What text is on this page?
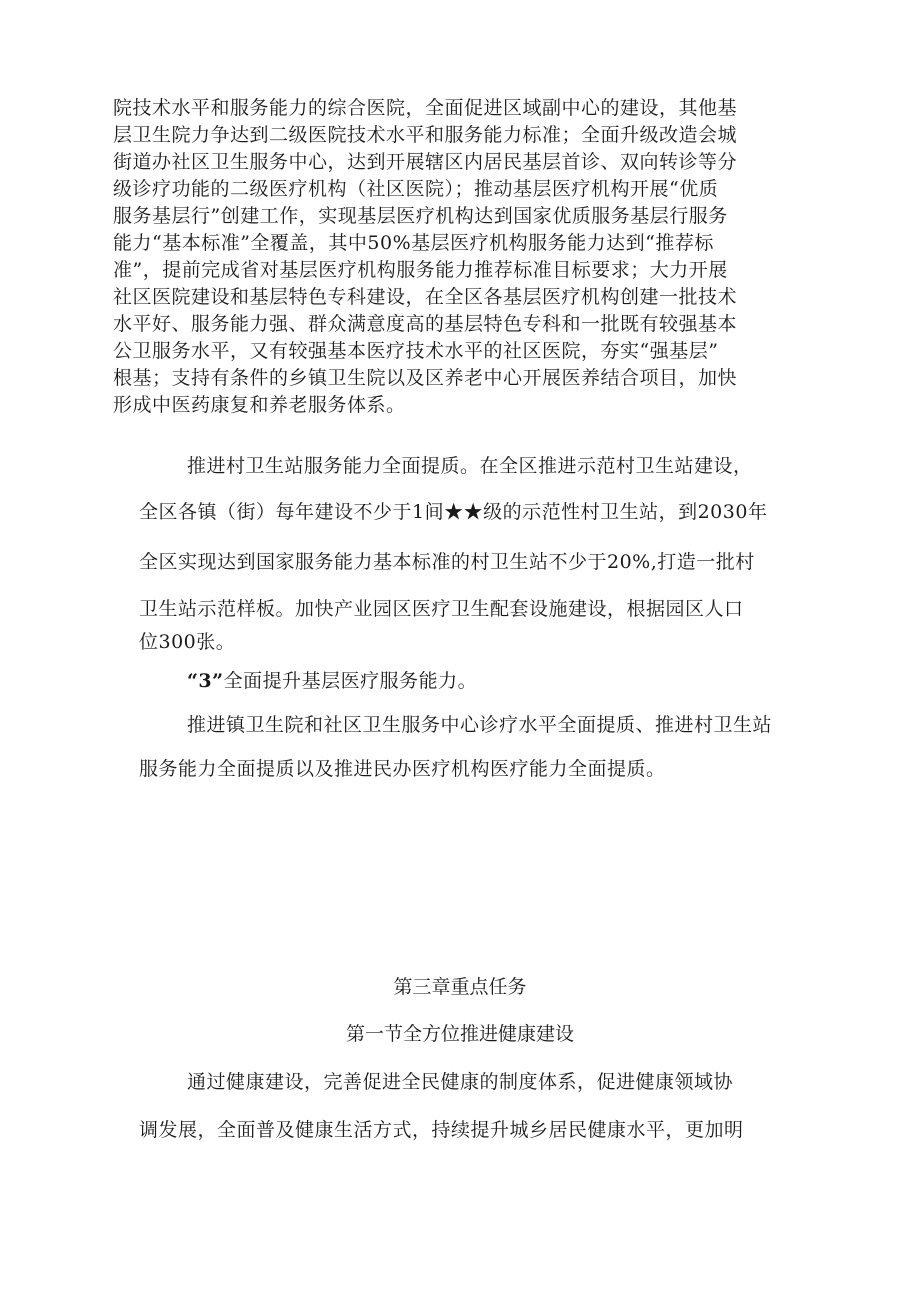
院技术水平和服务能力的综合医院，全面促进区域副中心的建设，其他基
层卫生院力争达到二级医院技术水平和服务能力标准；全面升级改造会城
街道办社区卫生服务中心，达到开展辖区内居民基层首诊、双向转诊等分
级诊疗功能的二级医疗机构（社区医院）；推动基层医疗机构开展“优质
服务基层行”创建工作，实现基层医疗机构达到国家优质服务基层行服务
能力“基本标准”全覆盖，其中50%基层医疗机构服务能力达到“推荐标
准”，提前完成省对基层医疗机构服务能力推荐标准目标要求；大力开展
社区医院建设和基层特色专科建设，在全区各基层医疗机构创建一批技术
水平好、服务能力强、群众满意度高的基层特色专科和一批既有较强基本
公卫服务水平，又有较强基本医疗技术水平的社区医院，夯实“强基层”
根基；支持有条件的乡镇卫生院以及区养老中心开展医养结合项目，加快
形成中医药康复和养老服务体系。
推进村卫生站服务能力全面提质。在全区推进示范村卫生站建设，
全区各镇（街）每年建设不少于1间★★级的示范性村卫生站，到2030年
全区实现达到国家服务能力基本标准的村卫生站不少于20%,打造一批村
卫生站示范样板。加快产业园区医疗卫生配套设施建设，根据园区人口
位300张。
“3”全面提升基层医疗服务能力。
推进镇卫生院和社区卫生服务中心诊疗水平全面提质、推进村卫生站
服务能力全面提质以及推进民办医疗机构医疗能力全面提质。
第三章重点任务
第一节全方位推进健康建设
通过健康建设，完善促进全民健康的制度体系，促进健康领域协
调发展，全面普及健康生活方式，持续提升城乡居民健康水平，更加明
